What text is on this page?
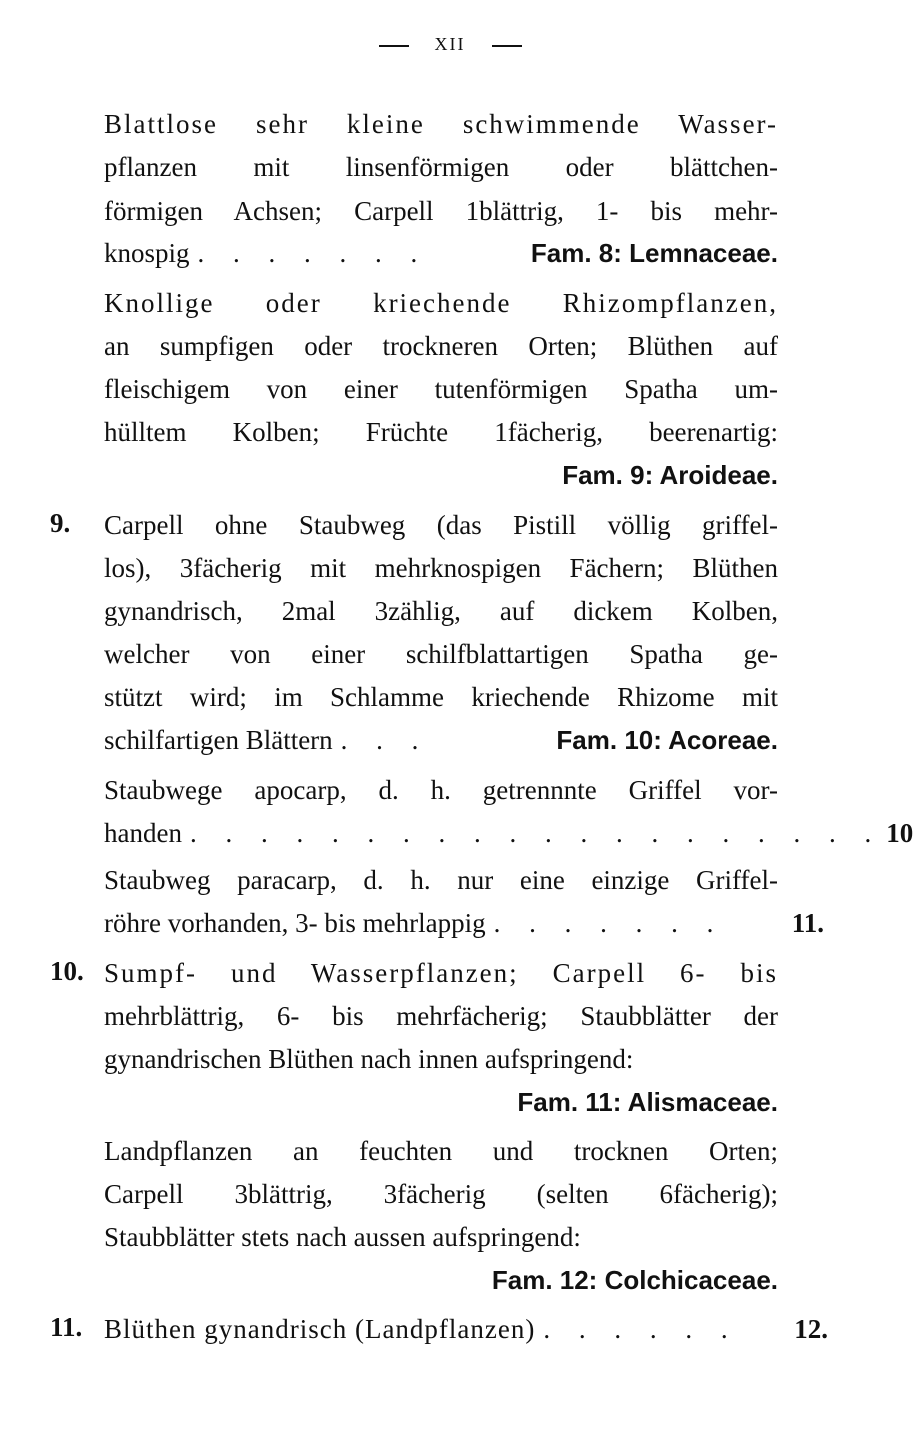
XII
Blattlose sehr kleine schwimmende Wasser-
pflanzen mit linsenförmigen oder blättchen-
förmigen Achsen; Carpell 1blättrig, 1- bis mehr-
knospig . . . . . . .	Fam. 8: Lemnaceae.
Knollige oder kriechende Rhizompflanzen,
an sumpfigen oder trockneren Orten; Blüthen auf
fleischigem von einer tutenförmigen Spatha um-
hülltem Kolben; Früchte 1fächerig, beerenartig:
Fam. 9: Aroideae.
9. Carpell ohne Staubweg (das Pistill völlig griffel-
los), 3fächerig mit mehrknospigen Fächern; Blüthen
gynandrisch, 2mal 3zählig, auf dickem Kolben,
welcher von einer schilfblattartigen Spatha ge-
stützt wird; im Schlamme kriechende Rhizome mit
schilfartigen Blättern . . .	Fam. 10: Acoreae.
Staubwege apocarp, d. h. getrennnte Griffel vor-
handen . . . . . . . . . . . . . . . . . . . . 10
Staubweg paracarp, d. h. nur eine einzige Griffel-
röhre vorhanden, 3- bis mehrlappig . . . . . . .	11.
10. Sumpf- und Wasserpflanzen; Carpell 6- bis
mehrblättrig, 6- bis mehrfächerig; Staubblätter der
gynandrischen Blüthen nach innen aufspringend:
Fam. 11: Alismaceae.
Landpflanzen an feuchten und trocknen Orten;
Carpell 3blättrig, 3fächerig (selten 6fächerig);
Staubblätter stets nach aussen aufspringend:
Fam. 12: Colchicaceae.
11. Blüthen gynandrisch (Landpflanzen) . . . . . .	12.
